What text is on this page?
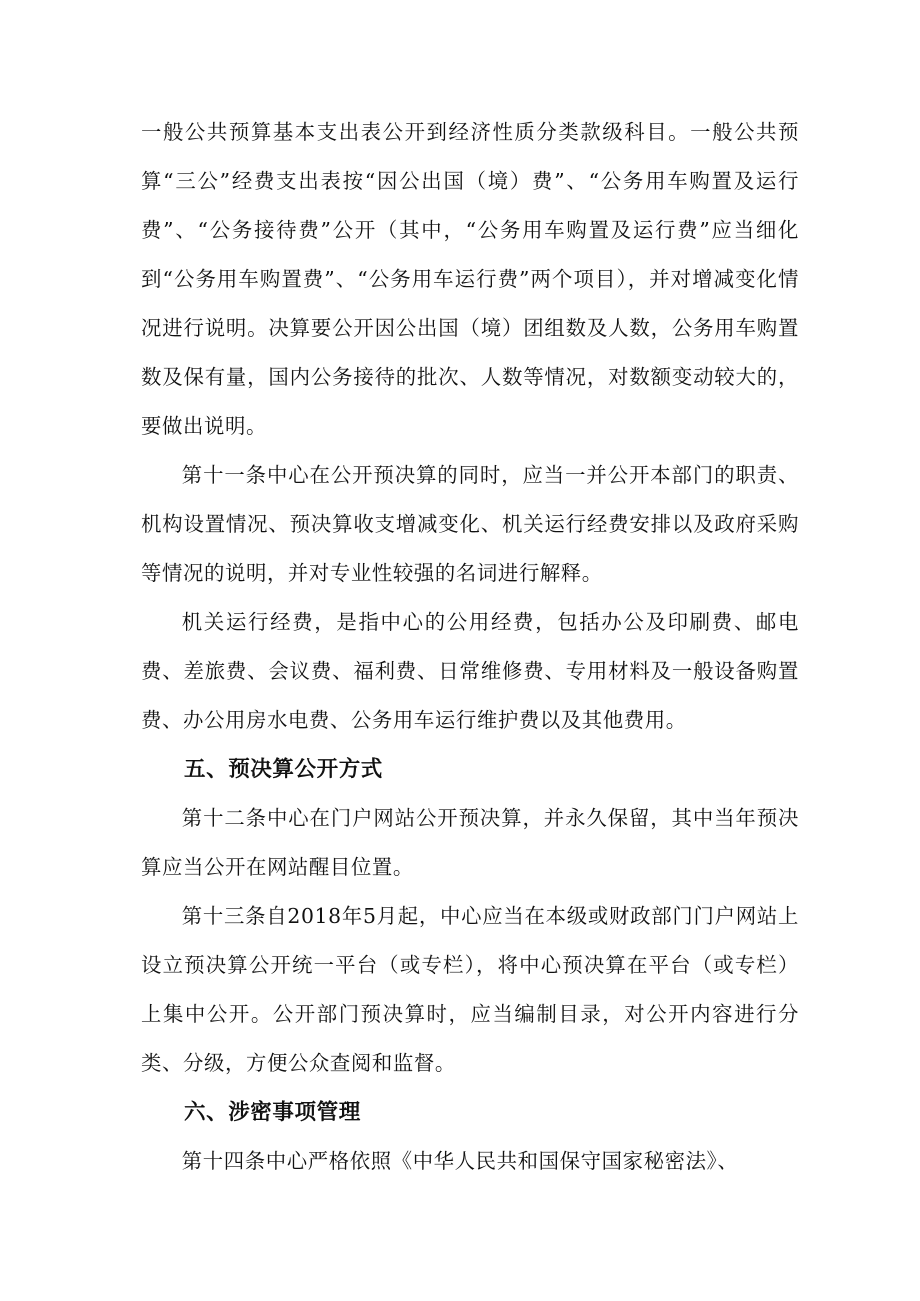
一般公共预算基本支出表公开到经济性质分类款级科目。一般公共预算“三公”经费支出表按“因公出国（境）费”、“公务用车购置及运行费”、“公务接待费”公开（其中，“公务用车购置及运行费”应当细化到“公务用车购置费”、“公务用车运行费”两个项目），并对增减变化情况进行说明。决算要公开因公出国（境）团组数及人数，公务用车购置数及保有量，国内公务接待的批次、人数等情况，对数额变动较大的，要做出说明。

第十一条中心在公开预决算的同时，应当一并公开本部门的职责、机构设置情况、预决算收支增减变化、机关运行经费安排以及政府采购等情况的说明，并对专业性较强的名词进行解释。

机关运行经费，是指中心的公用经费，包括办公及印刷费、邮电费、差旅费、会议费、福利费、日常维修费、专用材料及一般设备购置费、办公用房水电费、公务用车运行维护费以及其他费用。

五、预决算公开方式

第十二条中心在门户网站公开预决算，并永久保留，其中当年预决算应当公开在网站醒目位置。

第十三条自2018年5月起，中心应当在本级或财政部门门户网站上设立预决算公开统一平台（或专栏），将中心预决算在平台（或专栏）上集中公开。公开部门预决算时，应当编制目录，对公开内容进行分类、分级，方便公众查阅和监督。

六、涉密事项管理

第十四条中心严格依照《中华人民共和国保守国家秘密法》、
